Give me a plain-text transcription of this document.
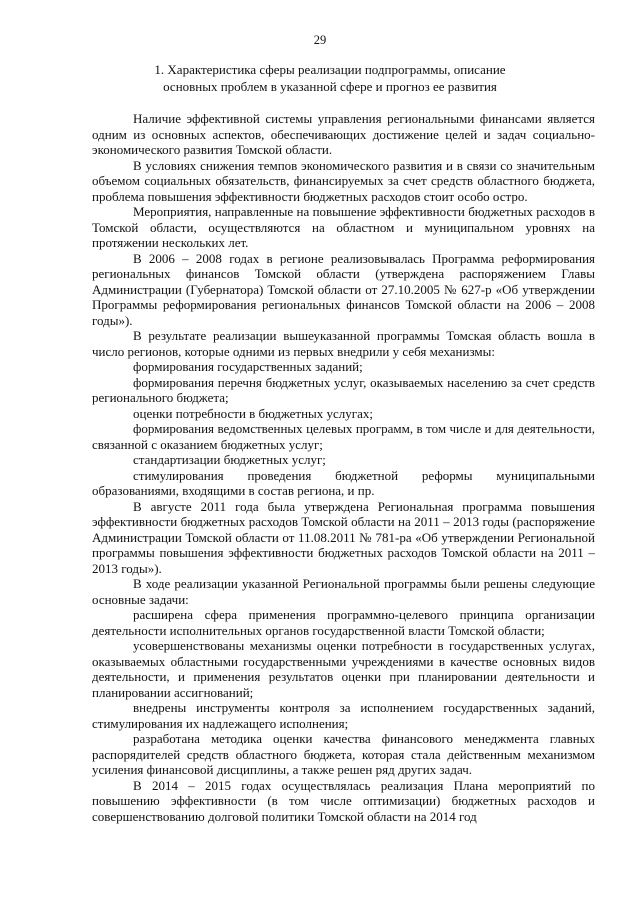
29
1. Характеристика сферы реализации подпрограммы, описание
основных проблем в указанной сфере и прогноз ее развития

Наличие эффективной системы управления региональными финансами является одним из основных аспектов, обеспечивающих достижение целей и задач социально-экономического развития Томской области.

В условиях снижения темпов экономического развития и в связи со значительным объемом социальных обязательств, финансируемых за счет средств областного бюджета, проблема повышения эффективности бюджетных расходов стоит особо остро.

Мероприятия, направленные на повышение эффективности бюджетных расходов в Томской области, осуществляются на областном и муниципальном уровнях на протяжении нескольких лет.

В 2006 – 2008 годах в регионе реализовывалась Программа реформирования региональных финансов Томской области (утверждена распоряжением Главы Администрации (Губернатора) Томской области от 27.10.2005 № 627-р «Об утверждении Программы реформирования региональных финансов Томской области на 2006 – 2008 годы»).

В результате реализации вышеуказанной программы Томская область вошла в число регионов, которые одними из первых внедрили у себя механизмы:

формирования государственных заданий;

формирования перечня бюджетных услуг, оказываемых населению за счет средств регионального бюджета;

оценки потребности в бюджетных услугах;

формирования ведомственных целевых программ, в том числе и для деятельности, связанной с оказанием бюджетных услуг;

стандартизации бюджетных услуг;

стимулирования проведения бюджетной реформы муниципальными образованиями, входящими в состав региона, и пр.

В августе 2011 года была утверждена Региональная программа повышения эффективности бюджетных расходов Томской области на 2011 – 2013 годы (распоряжение Администрации Томской области от 11.08.2011 № 781-ра «Об утверждении Региональной программы повышения эффективности бюджетных расходов Томской области на 2011 – 2013 годы»).

В ходе реализации указанной Региональной программы были решены следующие основные задачи:

расширена сфера применения программно-целевого принципа организации деятельности исполнительных органов государственной власти Томской области;

усовершенствованы механизмы оценки потребности в государственных услугах, оказываемых областными государственными учреждениями в качестве основных видов деятельности, и применения результатов оценки при планировании деятельности и планировании ассигнований;

внедрены инструменты контроля за исполнением государственных заданий, стимулирования их надлежащего исполнения;

разработана методика оценки качества финансового менеджмента главных распорядителей средств областного бюджета, которая стала действенным механизмом усиления финансовой дисциплины, а также решен ряд других задач.

В 2014 – 2015 годах осуществлялась реализация Плана мероприятий по повышению эффективности (в том числе оптимизации) бюджетных расходов и совершенствованию долговой политики Томской области на 2014 год
